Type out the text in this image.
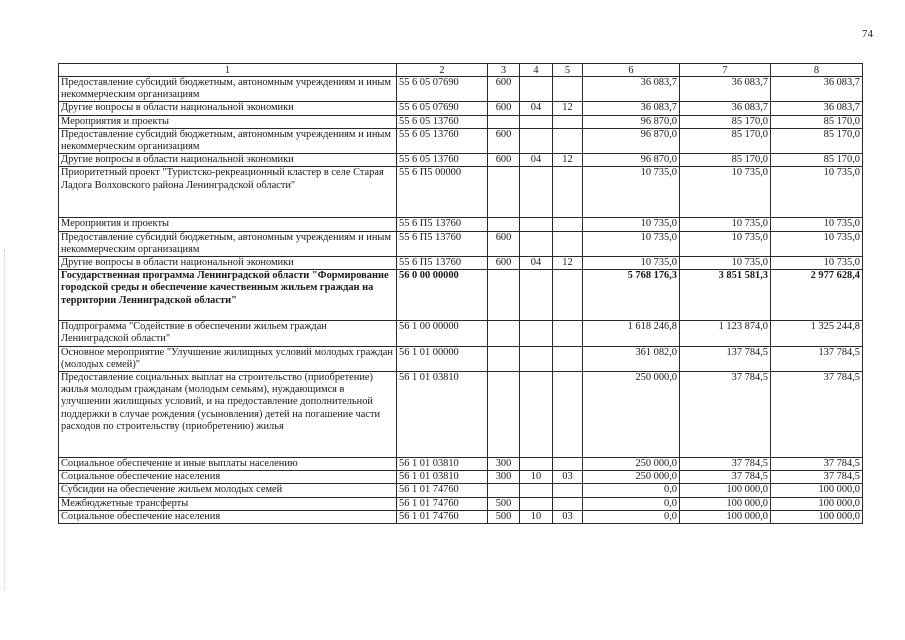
74
1	2	3	4	5	6	7	8
Предоставление субсидий бюджетным, автономным учреждениям и иным некоммерческим организациям	55 6 05 07690	600			36 083,7	36 083,7	36 083,7
Другие вопросы в области национальной экономики	55 6 05 07690	600	04	12	36 083,7	36 083,7	36 083,7
Мероприятия и проекты	55 6 05 13760				96 870,0	85 170,0	85 170,0
Предоставление субсидий бюджетным, автономным учреждениям и иным некоммерческим организациям	55 6 05 13760	600			96 870,0	85 170,0	85 170,0
Другие вопросы в области национальной экономики	55 6 05 13760	600	04	12	96 870,0	85 170,0	85 170,0
Приоритетный проект "Туристско-рекреационный кластер в селе Старая Ладога Волховского района Ленинградской области"	55 6 П5 00000				10 735,0	10 735,0	10 735,0
Мероприятия и проекты	55 6 П5 13760				10 735,0	10 735,0	10 735,0
Предоставление субсидий бюджетным, автономным учреждениям и иным некоммерческим организациям	55 6 П5 13760	600			10 735,0	10 735,0	10 735,0
Другие вопросы в области национальной экономики	55 6 П5 13760	600	04	12	10 735,0	10 735,0	10 735,0
Государственная программа Ленинградской области "Формирование городской среды и обеспечение качественным жильем граждан на территории Ленинградской области"	56 0 00 00000				5 768 176,3	3 851 581,3	2 977 628,4
Подпрограмма "Содействие в обеспечении жильем граждан Ленинградской области"	56 1 00 00000				1 618 246,8	1 123 874,0	1 325 244,8
Основное мероприятие "Улучшение жилищных условий молодых граждан (молодых семей)"	56 1 01 00000				361 082,0	137 784,5	137 784,5
Предоставление социальных выплат на строительство (приобретение) жилья молодым гражданам (молодым семьям), нуждающимся в улучшении жилищных условий, и на предоставление дополнительной поддержки в случае рождения (усыновления) детей на погашение части расходов по строительству (приобретению) жилья	56 1 01 03810				250 000,0	37 784,5	37 784,5
Социальное обеспечение и иные выплаты населению	56 1 01 03810	300			250 000,0	37 784,5	37 784,5
Социальное обеспечение населения	56 1 01 03810	300	10	03	250 000,0	37 784,5	37 784,5
Субсидии на обеспечение жильем молодых семей	56 1 01 74760				0,0	100 000,0	100 000,0
Межбюджетные трансферты	56 1 01 74760	500			0,0	100 000,0	100 000,0
Социальное обеспечение населения	56 1 01 74760	500	10	03	0,0	100 000,0	100 000,0
